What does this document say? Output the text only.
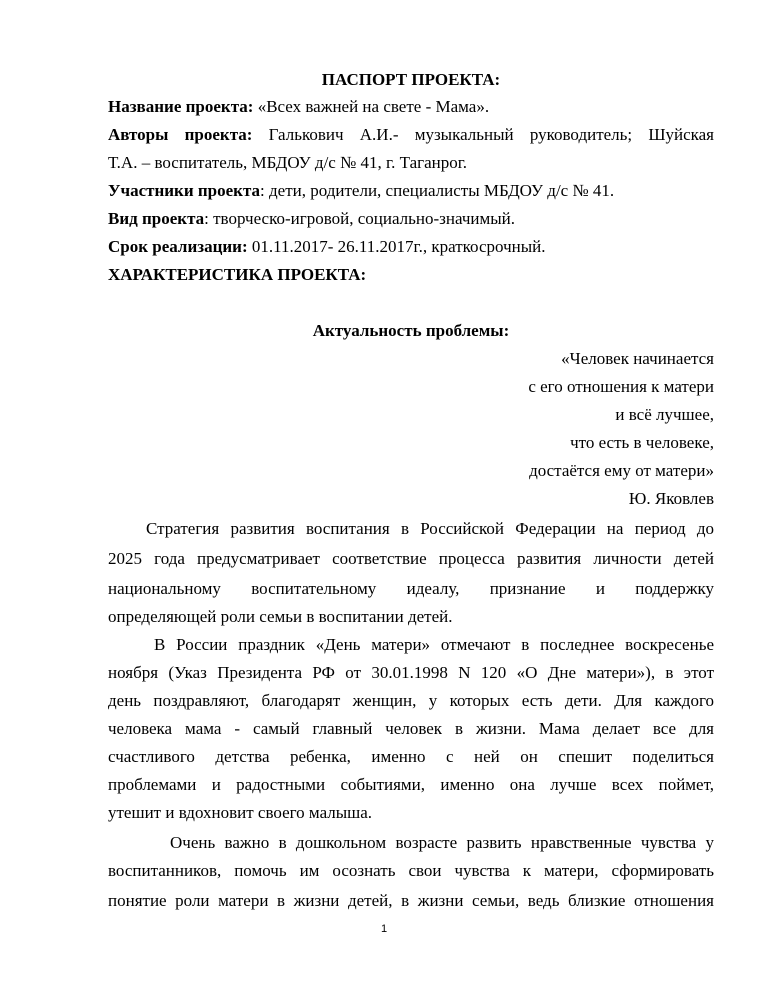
ПАСПОРТ ПРОЕКТА:
Название проекта: «Всех важней на свете - Мама».
Авторы проекта: Галькович А.И.- музыкальный руководитель; Шуйская
Т.А. – воспитатель, МБДОУ д/с № 41, г. Таганрог.
Участники проекта: дети, родители, специалисты МБДОУ д/с № 41.
Вид проекта: творческо-игровой, социально-значимый.
Срок реализации: 01.11.2017- 26.11.2017г., краткосрочный.
ХАРАКТЕРИСТИКА ПРОЕКТА:
Актуальность проблемы:
«Человек начинается
с его отношения к матери
и всё лучшее,
что есть в человеке,
достаётся ему от матери»
Ю. Яковлев
Стратегия развития воспитания в Российской Федерации на период до
2025 года предусматривает соответствие процесса развития личности детей
национальному воспитательному идеалу, признание и поддержку
определяющей роли семьи в воспитании детей.
В России праздник «День матери» отмечают в последнее воскресенье
ноября (Указ Президента РФ от 30.01.1998 N 120 «О Дне матери»), в этот
день поздравляют, благодарят женщин, у которых есть дети. Для каждого
человека мама - самый главный человек в жизни. Мама делает все для
счастливого детства ребенка, именно с ней он спешит поделиться
проблемами и радостными событиями, именно она лучше всех поймет,
утешит и вдохновит своего малыша.
Очень важно в дошкольном возрасте развить нравственные чувства у
воспитанников, помочь им осознать свои чувства к матери, сформировать
понятие роли матери в жизни детей, в жизни семьи, ведь близкие отношения
1
